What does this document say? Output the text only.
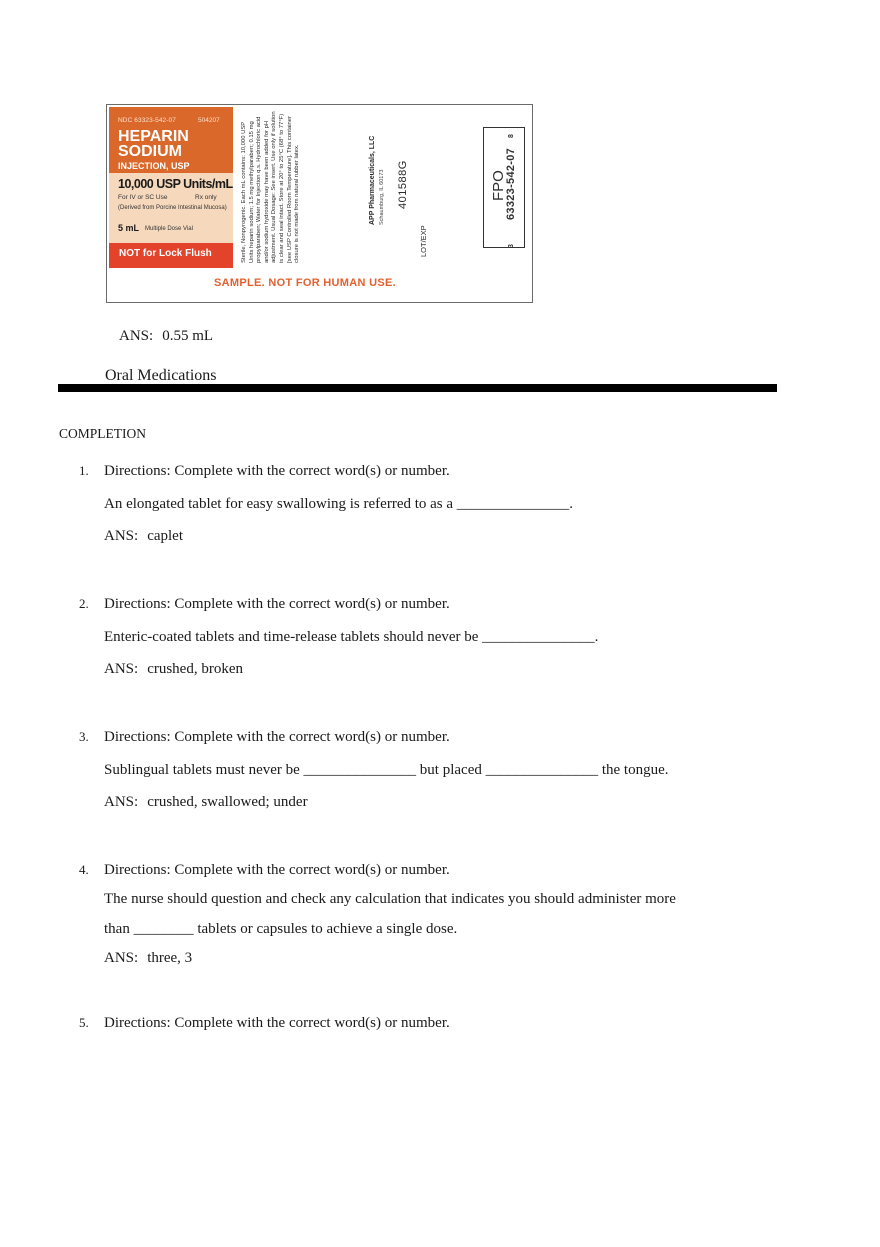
NDC 63323-542-07	504207
HEPARIN SODIUM
INJECTION, USP
10,000 USP Units/mL
For IV or SC Use	Rx only
(Derived from Porcine Intestinal Mucosa)
5 mL Multiple Dose Vial
NOT for Lock Flush	Sterile, Nonpyrogenic. Each mL contains: 10,000 USP Units heparin sodium; 1.5 mg methylparaben; 0.15 mg propylparaben; Water for Injection q.s. Hydrochloric acid and/or sodium hydroxide may have been added for pH adjustment. Usual Dosage: See insert. Use only if solution is clear and seal intact. Store at 20° to 25°C (68° to 77°F) [see USP Controlled Room Temperature]. This container closure is not made from natural rubber latex.	APP Pharmaceuticals, LLC Schaumburg, IL 60173 401588G
LOT/EXP
FPO
63323-542-07
3
8
SAMPLE. NOT FOR HUMAN USE.
ANS: 0.55 mL
Oral Medications
COMPLETION
1. Directions: Complete with the correct word(s) or number.
An elongated tablet for easy swallowing is referred to as a _______________.
ANS: caplet
2. Directions: Complete with the correct word(s) or number.
Enteric-coated tablets and time-release tablets should never be _______________.
ANS: crushed, broken
3. Directions: Complete with the correct word(s) or number.
Sublingual tablets must never be _______________ but placed _______________ the tongue.
ANS: crushed, swallowed; under
4. Directions: Complete with the correct word(s) or number.
The nurse should question and check any calculation that indicates you should administer more
than ________ tablets or capsules to achieve a single dose.
ANS: three, 3
5. Directions: Complete with the correct word(s) or number.
